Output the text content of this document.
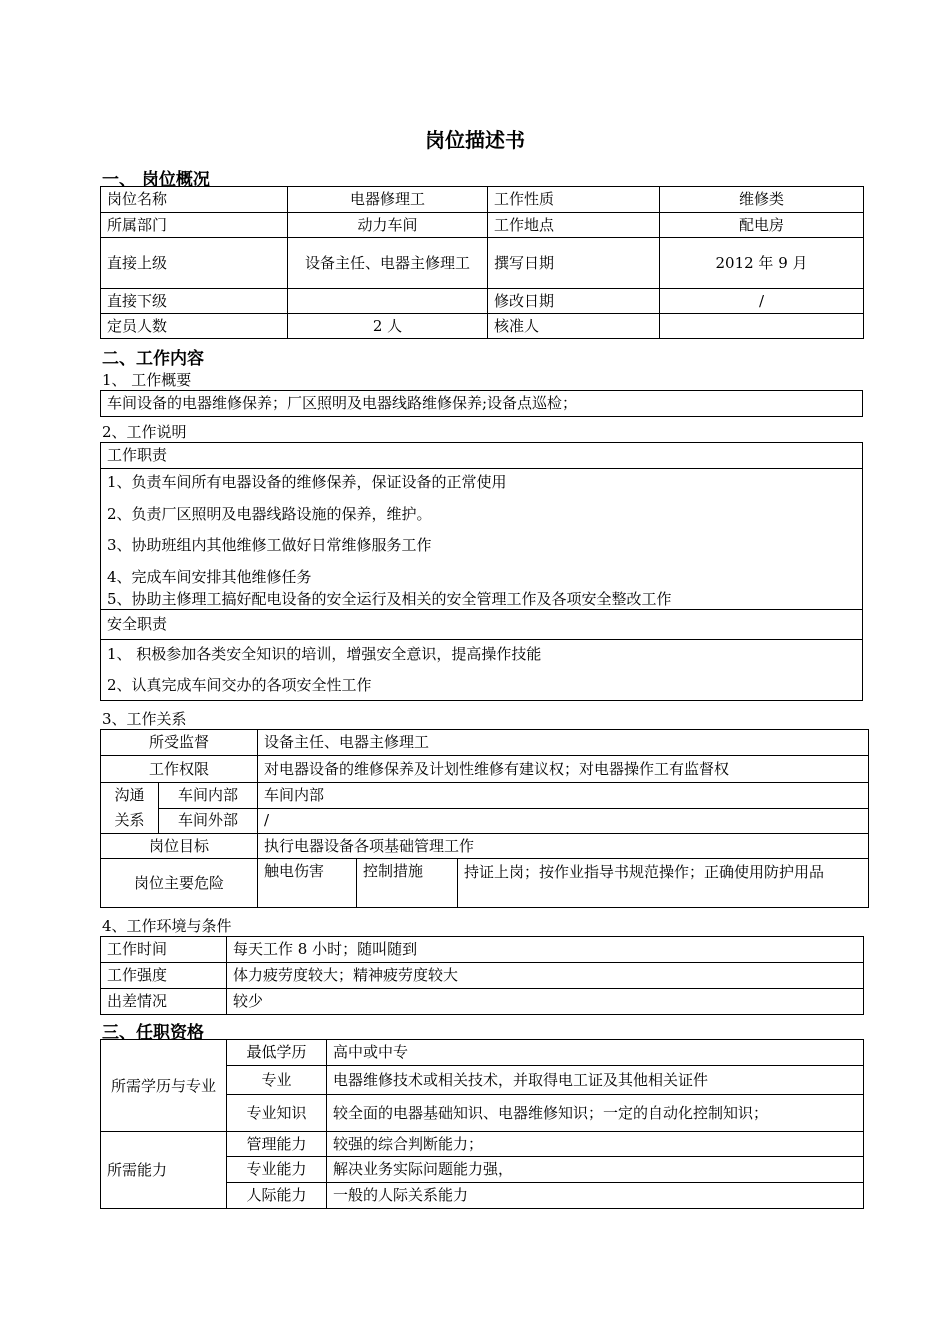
岗位描述书
一、 岗位概况
岗位名称	电器修理工	工作性质	维修类
所属部门	动力车间	工作地点	配电房
直接上级	设备主任、电器主修理工	撰写日期	2012 年 9 月
直接下级		修改日期	/
定员人数	2 人	核准人	
二、工作内容
1、 工作概要
车间设备的电器维修保养；厂区照明及电器线路维修保养;设备点巡检；
2、工作说明
工作职责

1、负责车间所有电器设备的维修保养，保证设备的正常使用
2、负责厂区照明及电器线路设施的保养，维护。
3、协助班组内其他维修工做好日常维修服务工作
4、完成车间安排其他维修任务
5、协助主修理工搞好配电设备的安全运行及相关的安全管理工作及各项安全整改工作

安全职责

1、 积极参加各类安全知识的培训，增强安全意识，提高操作技能
2、认真完成车间交办的各项安全性工作
3、工作关系
所受监督		设备主任、电器主修理工		
工作权限		对电器设备的维修保养及计划性维修有建议权；对电器操作工有监督权		

沟通
关系	车间内部	车间内部		
	车间外部	/		
岗位目标		执行电器设备各项基础管理工作		
岗位主要危险		触电伤害	控制措施	持证上岗；按作业指导书规范操作；正确使用防护用品
4、工作环境与条件
工作时间	每天工作 8 小时；随叫随到
工作强度	体力疲劳度较大；精神疲劳度较大
出差情况	较少
三、任职资格
所需学历与专业	最低学历	高中或中专
	专业	电器维修技术或相关技术，并取得电工证及其他相关证件
	专业知识	较全面的电器基础知识、电器维修知识；一定的自动化控制知识；
所需能力	管理能力	较强的综合判断能力；
	专业能力	解决业务实际问题能力强，
	人际能力	一般的人际关系能力
